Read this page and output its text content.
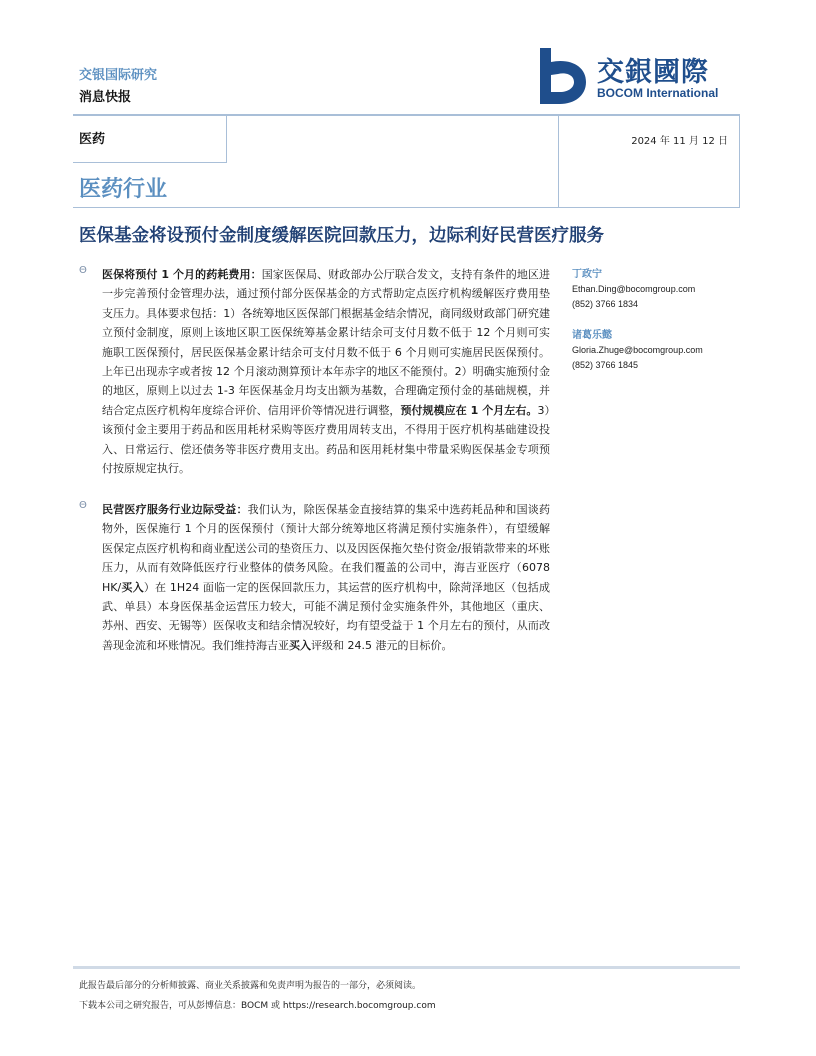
交银国际研究
消息快报
交銀國際
BOCOM International
医药	2024 年 11 月 12 日
医药行业
医保基金将设预付金制度缓解医院回款压力，边际利好民营医疗服务
Θ 医保将预付 1 个月的药耗费用：国家医保局、财政部办公厅联合发文，支持有条件的地区进一步完善预付金管理办法，通过预付部分医保基金的方式帮助定点医疗机构缓解医疗费用垫支压力。具体要求包括：1）各统筹地区医保部门根据基金结余情况，商同级财政部门研究建立预付金制度，原则上该地区职工医保统筹基金累计结余可支付月数不低于 12 个月则可实施职工医保预付，居民医保基金累计结余可支付月数不低于 6 个月则可实施居民医保预付。上年已出现赤字或者按 12 个月滚动测算预计本年赤字的地区不能预付。2）明确实施预付金的地区，原则上以过去 1-3 年医保基金月均支出额为基数，合理确定预付金的基础规模，并结合定点医疗机构年度综合评价、信用评价等情况进行调整，预付规模应在 1 个月左右。3）该预付金主要用于药品和医用耗材采购等医疗费用周转支出，不得用于医疗机构基础建设投入、日常运行、偿还债务等非医疗费用支出。药品和医用耗材集中带量采购医保基金专项预付按原规定执行。

Θ 民营医疗服务行业边际受益：我们认为，除医保基金直接结算的集采中选药耗品种和国谈药物外，医保施行 1 个月的医保预付（预计大部分统筹地区将满足预付实施条件），有望缓解医保定点医疗机构和商业配送公司的垫资压力、以及因医保拖欠垫付资金/报销款带来的坏账压力，从而有效降低医疗行业整体的债务风险。在我们覆盖的公司中，海吉亚医疗（6078 HK/买入）在 1H24 面临一定的医保回款压力，其运营的医疗机构中，除菏泽地区（包括成武、单县）本身医保基金运营压力较大，可能不满足预付金实施条件外，其他地区（重庆、苏州、西安、无锡等）医保收支和结余情况较好，均有望受益于 1 个月左右的预付，从而改善现金流和坏账情况。我们维持海吉亚买入评级和 24.5 港元的目标价。

丁政宁
Ethan.Ding@bocomgroup.com
(852) 3766 1834
诸葛乐懿
Gloria.Zhuge@bocomgroup.com
(852) 3766 1845
此报告最后部分的分析师披露、商业关系披露和免责声明为报告的一部分，必须阅读。
下载本公司之研究报告，可从彭博信息：BOCM 或 https://research.bocomgroup.com
